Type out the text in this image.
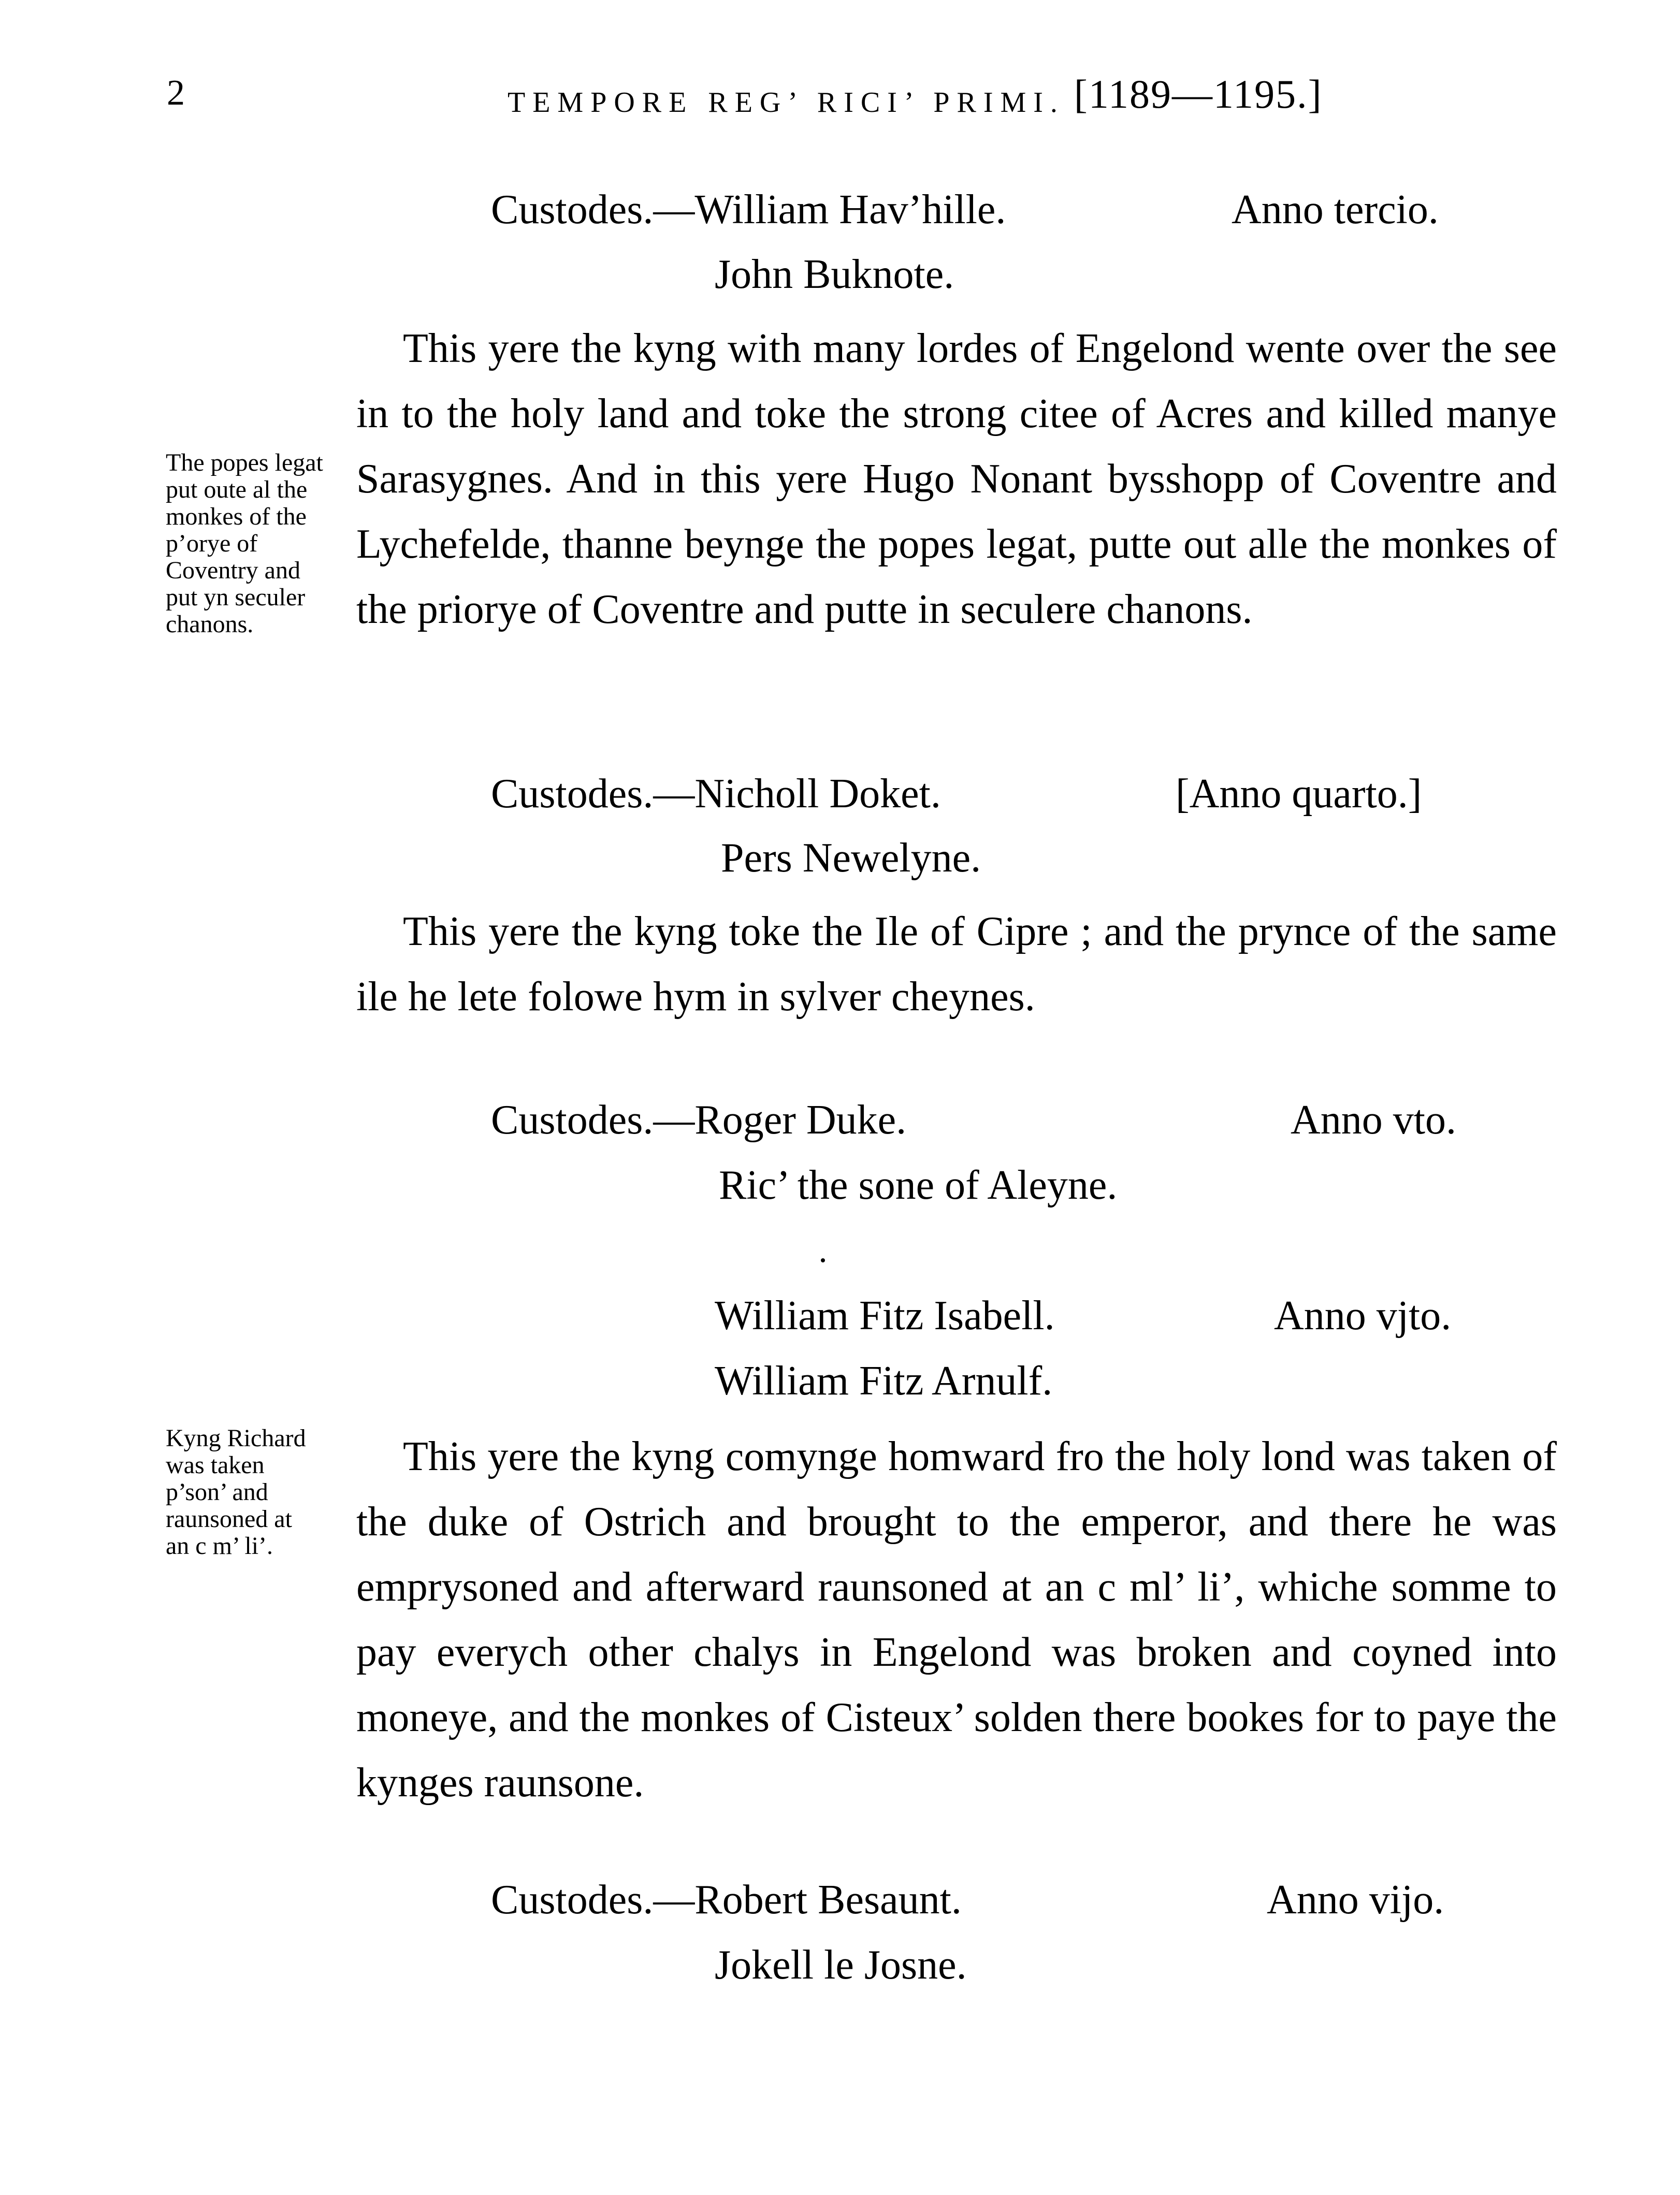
2	TEMPORE REG’ RICI’ PRIMI. [1189—1195.]
Custodes.—William Hav’hille.	Anno tercio.
John Buknote.

This yere the kyng with many lordes of Engelond wente over the see in to the holy land and toke the strong citee of Acres and killed manye Sarasygnes. And in this yere Hugo Nonant bysshopp of Coventre and Lychefelde, thanne beynge the popes legat, putte out alle the monkes of the priorye of Coventre and putte in seculere chanons.

The popes legat put oute al the monkes of the p’orye of Coventry and put yn seculer chanons.
Custodes.—Nicholl Doket.	[Anno quarto.]
Pers Newelyne.

This yere the kyng toke the Ile of Cipre ; and the prynce of the same ile he lete folowe hym in sylver cheynes.

Custodes.—Roger Duke.	Anno vto.
Ric’ the sone of Aleyne.
William Fitz Isabell.	Anno vjto.
William Fitz Arnulf.

This yere the kyng comynge homward fro the holy lond was taken of the duke of Ostrich and brought to the emperor, and there he was emprysoned and afterward raunsoned at an c ml’ li’, whiche somme to pay everych other chalys in Engelond was broken and coyned into moneye, and the monkes of Cisteux’ solden there bookes for to paye the kynges raunsone.

Kyng Richard was taken p’son’ and raunsoned at an c m’ li’.
Custodes.—Robert Besaunt.	Anno vijo.
Jokell le Josne.
